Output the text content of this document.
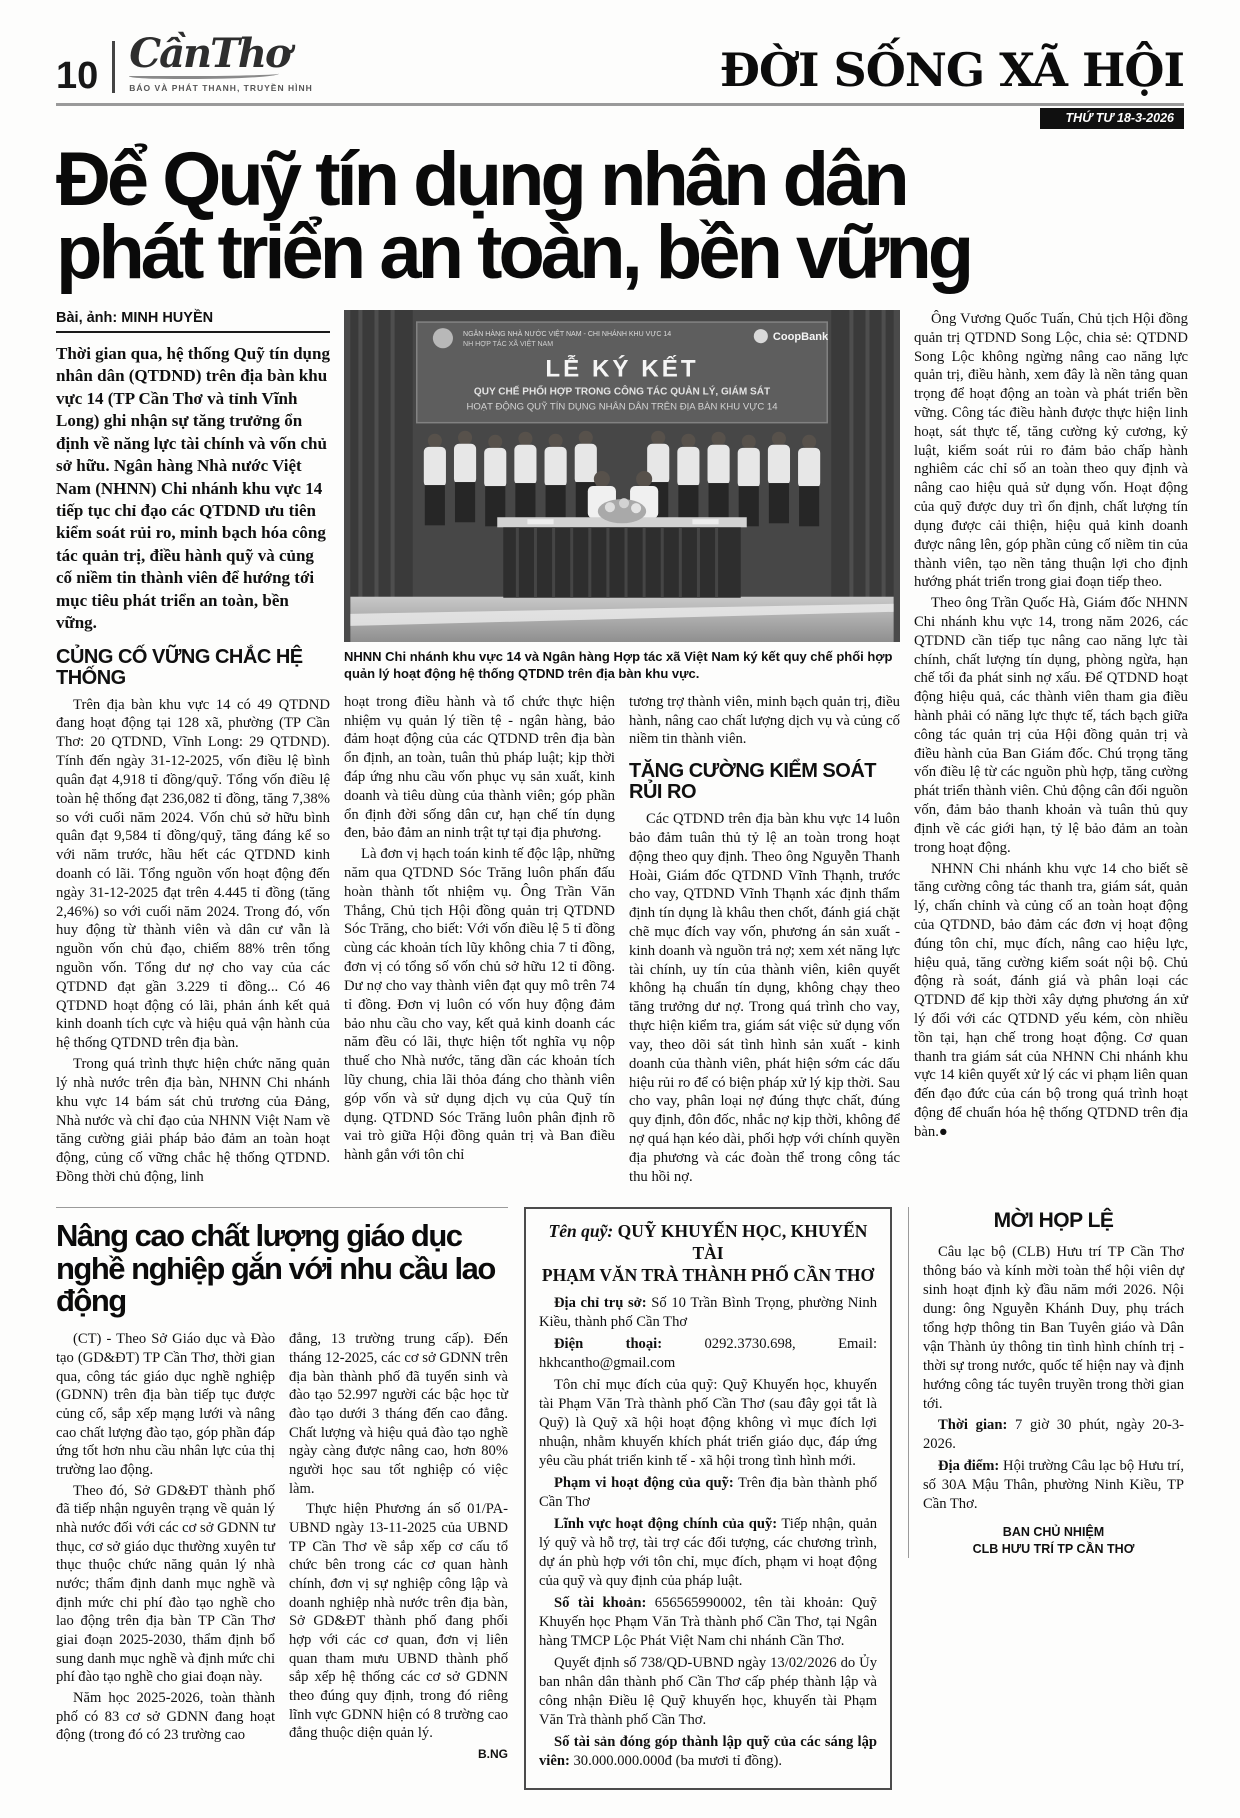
10 CầnThơ
BÁO VÀ PHÁT THANH, TRUYỀN HÌNH	ĐỜI SỐNG XÃ HỘI
THỨ TƯ 18-3-2026
Để Quỹ tín dụng nhân dân
phát triển an toàn, bền vững
Bài, ảnh: MINH HUYỀN

Thời gian qua, hệ thống Quỹ tín dụng nhân dân (QTDND) trên địa bàn khu vực 14 (TP Cần Thơ và tỉnh Vĩnh Long) ghi nhận sự tăng trưởng ổn định về năng lực tài chính và vốn chủ sở hữu. Ngân hàng Nhà nước Việt Nam (NHNN) Chi nhánh khu vực 14 tiếp tục chỉ đạo các QTDND ưu tiên kiểm soát rủi ro, minh bạch hóa công tác quản trị, điều hành quỹ và củng cố niềm tin thành viên để hướng tới mục tiêu phát triển an toàn, bền vững.

CỦNG CỐ VỮNG CHẮC HỆ THỐNG

Trên địa bàn khu vực 14 có 49 QTDND đang hoạt động tại 128 xã, phường (TP Cần Thơ: 20 QTDND, Vĩnh Long: 29 QTDND). Tính đến ngày 31-12-2025, vốn điều lệ bình quân đạt 4,918 tỉ đồng/quỹ. Tổng vốn điều lệ toàn hệ thống đạt 236,082 tỉ đồng, tăng 7,38% so với cuối năm 2024. Vốn chủ sở hữu bình quân đạt 9,584 tỉ đồng/quỹ, tăng đáng kể so với năm trước, hầu hết các QTDND kinh doanh có lãi. Tổng nguồn vốn hoạt động đến ngày 31-12-2025 đạt trên 4.445 tỉ đồng (tăng 2,46%) so với cuối năm 2024. Trong đó, vốn huy động từ thành viên và dân cư vẫn là nguồn vốn chủ đạo, chiếm 88% trên tổng nguồn vốn. Tổng dư nợ cho vay của các QTDND đạt gần 3.229 tỉ đồng... Có 46 QTDND hoạt động có lãi, phản ánh kết quả kinh doanh tích cực và hiệu quả vận hành của hệ thống QTDND trên địa bàn.

Trong quá trình thực hiện chức năng quản lý nhà nước trên địa bàn, NHNN Chi nhánh khu vực 14 bám sát chủ trương của Đảng, Nhà nước và chỉ đạo của NHNN Việt Nam về tăng cường giải pháp bảo đảm an toàn hoạt động, củng cố vững chắc hệ thống QTDND. Đồng thời chủ động, linh

NGÂN HÀNG NHÀ NƯỚC VIỆT NAM - CHI NHÁNH KHU VỰC 14
NH HỢP TÁC XÃ VIỆT NAM
CoopBank
LỄ KÝ KẾT
QUY CHẾ PHỐI HỢP TRONG CÔNG TÁC QUẢN LÝ, GIÁM SÁT
HOẠT ĐỘNG QUỸ TÍN DỤNG NHÂN DÂN TRÊN ĐỊA BÀN KHU VỰC 14
NHNN Chi nhánh khu vực 14 và Ngân hàng Hợp tác xã Việt Nam ký kết quy chế phối hợp quản lý hoạt động hệ thống QTDND trên địa bàn khu vực.

hoạt trong điều hành và tổ chức thực hiện nhiệm vụ quản lý tiền tệ - ngân hàng, bảo đảm hoạt động của các QTDND trên địa bàn ổn định, an toàn, tuân thủ pháp luật; kịp thời đáp ứng nhu cầu vốn phục vụ sản xuất, kinh doanh và tiêu dùng của thành viên; góp phần ổn định đời sống dân cư, hạn chế tín dụng đen, bảo đảm an ninh trật tự tại địa phương.

Là đơn vị hạch toán kinh tế độc lập, những năm qua QTDND Sóc Trăng luôn phấn đấu hoàn thành tốt nhiệm vụ. Ông Trần Văn Thắng, Chủ tịch Hội đồng quản trị QTDND Sóc Trăng, cho biết: Với vốn điều lệ 5 tỉ đồng cùng các khoản tích lũy không chia 7 tỉ đồng, đơn vị có tổng số vốn chủ sở hữu 12 tỉ đồng. Dư nợ cho vay thành viên đạt quy mô trên 74 tỉ đồng. Đơn vị luôn có vốn huy động đảm bảo nhu cầu cho vay, kết quả kinh doanh các năm đều có lãi, thực hiện tốt nghĩa vụ nộp thuế cho Nhà nước, tăng dần các khoản tích lũy chung, chia lãi thỏa đáng cho thành viên góp vốn và sử dụng dịch vụ của Quỹ tín dụng. QTDND Sóc Trăng luôn phân định rõ vai trò giữa Hội đồng quản trị và Ban điều hành gắn với tôn chỉ

tương trợ thành viên, minh bạch quản trị, điều hành, nâng cao chất lượng dịch vụ và củng cố niềm tin thành viên.

TĂNG CƯỜNG KIỂM SOÁT RỦI RO

Các QTDND trên địa bàn khu vực 14 luôn bảo đảm tuân thủ tỷ lệ an toàn trong hoạt động theo quy định. Theo ông Nguyễn Thanh Hoài, Giám đốc QTDND Vĩnh Thạnh, trước cho vay, QTDND Vĩnh Thạnh xác định thẩm định tín dụng là khâu then chốt, đánh giá chặt chẽ mục đích vay vốn, phương án sản xuất - kinh doanh và nguồn trả nợ; xem xét năng lực tài chính, uy tín của thành viên, kiên quyết không hạ chuẩn tín dụng, không chạy theo tăng trưởng dư nợ. Trong quá trình cho vay, thực hiện kiểm tra, giám sát việc sử dụng vốn vay, theo dõi sát tình hình sản xuất - kinh doanh của thành viên, phát hiện sớm các dấu hiệu rủi ro để có biện pháp xử lý kịp thời. Sau cho vay, phân loại nợ đúng thực chất, đúng quy định, đôn đốc, nhắc nợ kịp thời, không để nợ quá hạn kéo dài, phối hợp với chính quyền địa phương và các đoàn thể trong công tác thu hồi nợ.

Ông Vương Quốc Tuấn, Chủ tịch Hội đồng quản trị QTDND Song Lộc, chia sẻ: QTDND Song Lộc không ngừng nâng cao năng lực quản trị, điều hành, xem đây là nền tảng quan trọng để hoạt động an toàn và phát triển bền vững. Công tác điều hành được thực hiện linh hoạt, sát thực tế, tăng cường kỷ cương, kỷ luật, kiểm soát rủi ro đảm bảo chấp hành nghiêm các chỉ số an toàn theo quy định và nâng cao hiệu quả sử dụng vốn. Hoạt động của quỹ được duy trì ổn định, chất lượng tín dụng được cải thiện, hiệu quả kinh doanh được nâng lên, góp phần củng cố niềm tin của thành viên, tạo nền tảng thuận lợi cho định hướng phát triển trong giai đoạn tiếp theo.

Theo ông Trần Quốc Hà, Giám đốc NHNN Chi nhánh khu vực 14, trong năm 2026, các QTDND cần tiếp tục nâng cao năng lực tài chính, chất lượng tín dụng, phòng ngừa, hạn chế tối đa phát sinh nợ xấu. Để QTDND hoạt động hiệu quả, các thành viên tham gia điều hành phải có năng lực thực tế, tách bạch giữa công tác quản trị của Hội đồng quản trị và điều hành của Ban Giám đốc. Chú trọng tăng vốn điều lệ từ các nguồn phù hợp, tăng cường phát triển thành viên. Chủ động cân đối nguồn vốn, đảm bảo thanh khoản và tuân thủ quy định về các giới hạn, tỷ lệ bảo đảm an toàn trong hoạt động.

NHNN Chi nhánh khu vực 14 cho biết sẽ tăng cường công tác thanh tra, giám sát, quản lý, chấn chỉnh và củng cố an toàn hoạt động của QTDND, bảo đảm các đơn vị hoạt động đúng tôn chỉ, mục đích, nâng cao hiệu lực, hiệu quả, tăng cường kiểm soát nội bộ. Chủ động rà soát, đánh giá và phân loại các QTDND để kịp thời xây dựng phương án xử lý đối với các QTDND yếu kém, còn nhiều tồn tại, hạn chế trong hoạt động. Cơ quan thanh tra giám sát của NHNN Chi nhánh khu vực 14 kiên quyết xử lý các vi phạm liên quan đến đạo đức của cán bộ trong quá trình hoạt động để chuẩn hóa hệ thống QTDND trên địa bàn.●

Nâng cao chất lượng giáo dục
nghề nghiệp gắn với nhu cầu lao động

(CT) - Theo Sở Giáo dục và Đào tạo (GD&ĐT) TP Cần Thơ, thời gian qua, công tác giáo dục nghề nghiệp (GDNN) trên địa bàn tiếp tục được củng cố, sắp xếp mạng lưới và nâng cao chất lượng đào tạo, góp phần đáp ứng tốt hơn nhu cầu nhân lực của thị trường lao động.

Theo đó, Sở GD&ĐT thành phố đã tiếp nhận nguyên trạng về quản lý nhà nước đối với các cơ sở GDNN tư thục, cơ sở giáo dục thường xuyên tư thục thuộc chức năng quản lý nhà nước; thẩm định danh mục nghề và định mức chi phí đào tạo nghề cho lao động trên địa bàn TP Cần Thơ giai đoạn 2025-2030, thẩm định bổ sung danh mục nghề và định mức chi phí đào tạo nghề cho giai đoạn này.

Năm học 2025-2026, toàn thành phố có 83 cơ sở GDNN đang hoạt động (trong đó có 23 trường cao

đẳng, 13 trường trung cấp). Đến tháng 12-2025, các cơ sở GDNN trên địa bàn thành phố đã tuyển sinh và đào tạo 52.997 người các bậc học từ đào tạo dưới 3 tháng đến cao đẳng. Chất lượng và hiệu quả đào tạo nghề ngày càng được nâng cao, hơn 80% người học sau tốt nghiệp có việc làm.

Thực hiện Phương án số 01/PA-UBND ngày 13-11-2025 của UBND TP Cần Thơ về sắp xếp cơ cấu tổ chức bên trong các cơ quan hành chính, đơn vị sự nghiệp công lập và doanh nghiệp nhà nước trên địa bàn, Sở GD&ĐT thành phố đang phối hợp với các cơ quan, đơn vị liên quan tham mưu UBND thành phố sắp xếp hệ thống các cơ sở GDNN theo đúng quy định, trong đó riêng lĩnh vực GDNN hiện có 8 trường cao đẳng thuộc diện quản lý.

B.NG
Tên quỹ: QUỸ KHUYẾN HỌC, KHUYẾN TÀI
PHẠM VĂN TRÀ THÀNH PHỐ CẦN THƠ

Địa chỉ trụ sở: Số 10 Trần Bình Trọng, phường Ninh Kiều, thành phố Cần Thơ

Điện thoại:	0292.3730.698, Email: hkhcantho@gmail.com

Tôn chỉ mục đích của quỹ: Quỹ Khuyến học, khuyến tài Phạm Văn Trà thành phố Cần Thơ (sau đây gọi tắt là Quỹ) là Quỹ xã hội hoạt động không vì mục đích lợi nhuận, nhằm khuyến khích phát triển giáo dục, đáp ứng yêu cầu phát triển kinh tế - xã hội trong tình hình mới.

Phạm vi hoạt động của quỹ: Trên địa bàn thành phố Cần Thơ

Lĩnh vực hoạt động chính của quỹ: Tiếp nhận, quản lý quỹ và hỗ trợ, tài trợ các đối tượng, các chương trình, dự án phù hợp với tôn chỉ, mục đích, phạm vi hoạt động của quỹ và quy định của pháp luật.

Số tài khoản: 656565990002, tên tài khoản: Quỹ Khuyến học Phạm Văn Trà thành phố Cần Thơ, tại Ngân hàng TMCP Lộc Phát Việt Nam chi nhánh Cần Thơ.

Quyết định số 738/QD-UBND ngày 13/02/2026 do Ủy ban nhân dân thành phố Cần Thơ cấp phép thành lập và công nhận Điều lệ Quỹ khuyến học, khuyến tài Phạm Văn Trà thành phố Cần Thơ.

Số tài sản đóng góp thành lập quỹ của các sáng lập viên: 30.000.000.000đ (ba mươi tỉ đồng).

MỜI HỌP LỆ

Câu lạc bộ (CLB) Hưu trí TP Cần Thơ thông báo và kính mời toàn thể hội viên dự sinh hoạt định kỳ đầu năm mới 2026. Nội dung: ông Nguyễn Khánh Duy, phụ trách tổng hợp thông tin Ban Tuyên giáo và Dân vận Thành ủy thông tin tình hình chính trị - thời sự trong nước, quốc tế hiện nay và định hướng công tác tuyên truyền trong thời gian tới.

Thời gian: 7 giờ 30 phút, ngày 20-3-2026.

Địa điểm: Hội trường Câu lạc bộ Hưu trí, số 30A Mậu Thân, phường Ninh Kiều, TP Cần Thơ.

BAN CHỦ NHIỆM
CLB HƯU TRÍ TP CẦN THƠ
